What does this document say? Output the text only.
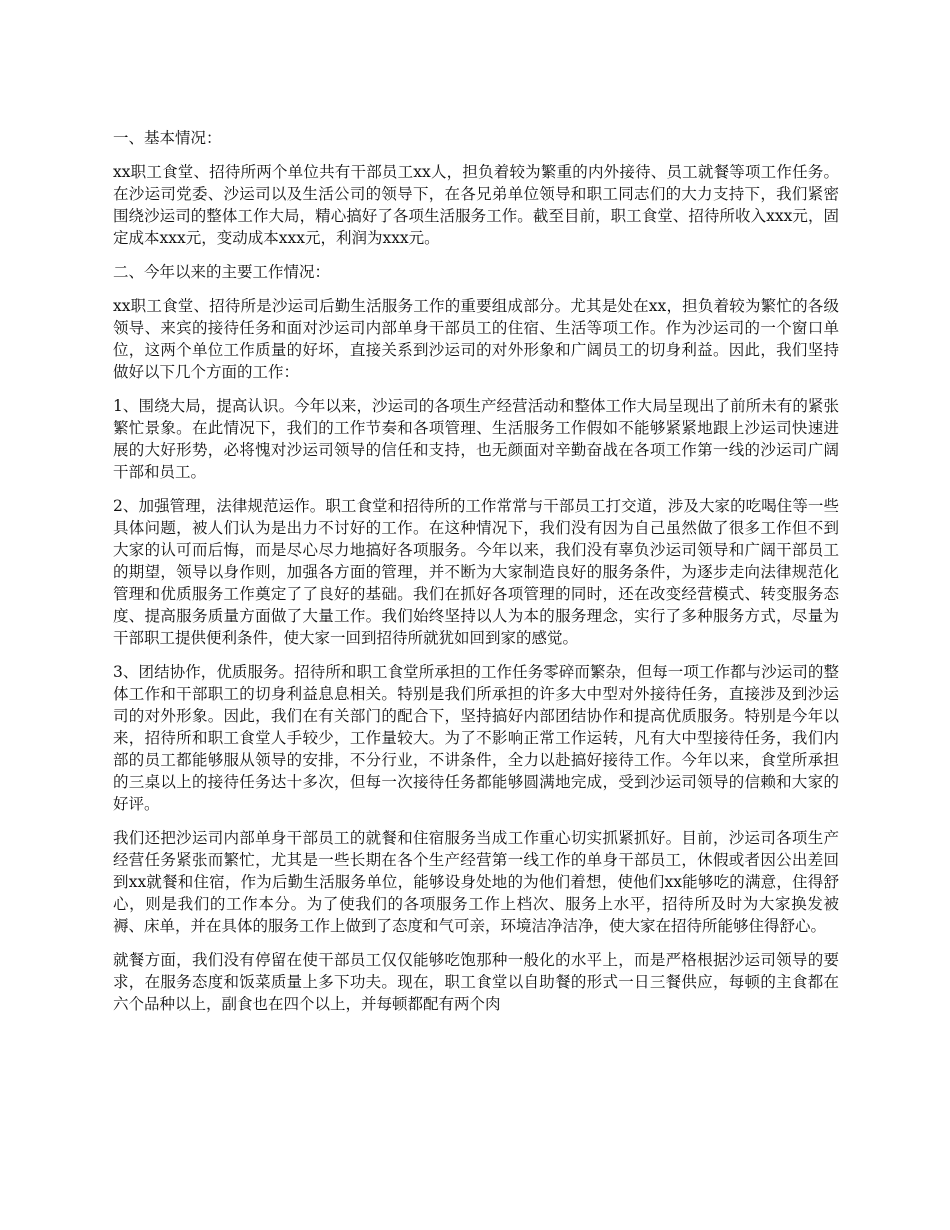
一、基本情况：

xx职工食堂、招待所两个单位共有干部员工xx人，担负着较为繁重的内外接待、员工就餐等项工作任务。在沙运司党委、沙运司以及生活公司的领导下，在各兄弟单位领导和职工同志们的大力支持下，我们紧密围绕沙运司的整体工作大局，精心搞好了各项生活服务工作。截至目前，职工食堂、招待所收入xxx元，固定成本xxx元，变动成本xxx元，利润为xxx元。

二、今年以来的主要工作情况：

xx职工食堂、招待所是沙运司后勤生活服务工作的重要组成部分。尤其是处在xx，担负着较为繁忙的各级领导、来宾的接待任务和面对沙运司内部单身干部员工的住宿、生活等项工作。作为沙运司的一个窗口单位，这两个单位工作质量的好坏，直接关系到沙运司的对外形象和广阔员工的切身利益。因此，我们坚持做好以下几个方面的工作：

1、围绕大局，提高认识。今年以来，沙运司的各项生产经营活动和整体工作大局呈现出了前所未有的紧张繁忙景象。在此情况下，我们的工作节奏和各项管理、生活服务工作假如不能够紧紧地跟上沙运司快速进展的大好形势，必将愧对沙运司领导的信任和支持，也无颜面对辛勤奋战在各项工作第一线的沙运司广阔干部和员工。

2、加强管理，法律规范运作。职工食堂和招待所的工作常常与干部员工打交道，涉及大家的吃喝住等一些具体问题，被人们认为是出力不讨好的工作。在这种情况下，我们没有因为自己虽然做了很多工作但不到大家的认可而后悔，而是尽心尽力地搞好各项服务。今年以来，我们没有辜负沙运司领导和广阔干部员工的期望，领导以身作则，加强各方面的管理，并不断为大家制造良好的服务条件，为逐步走向法律规范化管理和优质服务工作奠定了了良好的基础。我们在抓好各项管理的同时，还在改变经营模式、转变服务态度、提高服务质量方面做了大量工作。我们始终坚持以人为本的服务理念，实行了多种服务方式，尽量为干部职工提供便利条件，使大家一回到招待所就犹如回到家的感觉。

3、团结协作，优质服务。招待所和职工食堂所承担的工作任务零碎而繁杂，但每一项工作都与沙运司的整体工作和干部职工的切身利益息息相关。特别是我们所承担的许多大中型对外接待任务，直接涉及到沙运司的对外形象。因此，我们在有关部门的配合下，坚持搞好内部团结协作和提高优质服务。特别是今年以来，招待所和职工食堂人手较少，工作量较大。为了不影响正常工作运转，凡有大中型接待任务，我们内部的员工都能够服从领导的安排，不分行业，不讲条件，全力以赴搞好接待工作。今年以来，食堂所承担的三桌以上的接待任务达十多次，但每一次接待任务都能够圆满地完成，受到沙运司领导的信赖和大家的好评。

我们还把沙运司内部单身干部员工的就餐和住宿服务当成工作重心切实抓紧抓好。目前，沙运司各项生产经营任务紧张而繁忙，尤其是一些长期在各个生产经营第一线工作的单身干部员工，休假或者因公出差回到xx就餐和住宿，作为后勤生活服务单位，能够设身处地的为他们着想，使他们xx能够吃的满意，住得舒心，则是我们的工作本分。为了使我们的各项服务工作上档次、服务上水平，招待所及时为大家换发被褥、床单，并在具体的服务工作上做到了态度和气可亲，环境洁净洁净，使大家在招待所能够住得舒心。

就餐方面，我们没有停留在使干部员工仅仅能够吃饱那种一般化的水平上，而是严格根据沙运司领导的要求，在服务态度和饭菜质量上多下功夫。现在，职工食堂以自助餐的形式一日三餐供应，每顿的主食都在六个品种以上，副食也在四个以上，并每顿都配有两个肉
